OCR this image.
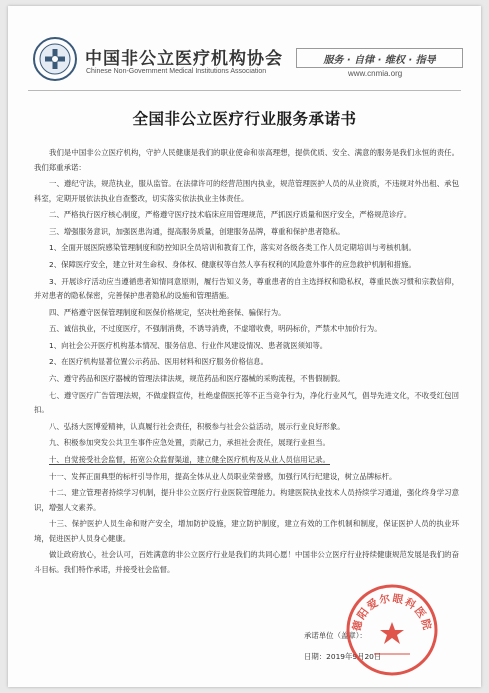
中国非公立医疗机构协会
Chinese Non-Government Medical Institutions Association
服务 · 自律 · 维权 · 指导
www.cnmia.org
全国非公立医疗行业服务承诺书

我们是中国非公立医疗机构，守护人民健康是我们的职业使命和崇高理想，提供优质、安全、满意的服务是我们永恒的责任。我们郑重承诺：

一、遵纪守法，规范执业，服从监管。在法律许可的经营范围内执业，规范管理医护人员的从业资质，不违规对外出租、承包科室，定期开展依法执业自查整改，切实落实依法执业主体责任。

二、严格执行医疗核心制度，严格遵守医疗技术临床应用管理规范，严抓医疗质量和医疗安全，严格规范诊疗。

三、增强服务意识，加强医患沟通，提高服务质量，创建服务品牌，尊重和保护患者隐私。

1、全面开展医院感染管理制度和防控知识全员培训和教育工作，落实对各级各类工作人员定期培训与考核机制。

2、保障医疗安全，建立针对生命权、身体权、健康权等自然人享有权利的风险意外事件的应急救护机制和措施。

3、开展诊疗活动应当遵循患者知情同意原则，履行告知义务，尊重患者的自主选择权和隐私权，尊重民族习惯和宗教信仰，并对患者的隐私保密，完善保护患者隐私的设施和管理措施。

四、严格遵守医保管理制度和医保价格规定，坚决杜绝套保、骗保行为。

五、诚信执业，不过度医疗，不强制消费，不诱导消费，不虚增收费，明码标价，严禁术中加价行为。

1、向社会公开医疗机构基本情况、服务信息、行业作风建设情况、患者就医须知等。

2、在医疗机构显著位置公示药品、医用材料和医疗服务价格信息。

六、遵守药品和医疗器械的管理法律法规，规范药品和医疗器械的采购流程，不售假制假。

七、遵守医疗广告管理法规，不做虚假宣传，杜绝虚假医托等不正当竞争行为，净化行业风气，倡导先进文化，不收受红包回扣。

八、弘扬大医博爱精神，认真履行社会责任，积极参与社会公益活动，展示行业良好形象。

九、积极参加突发公共卫生事件应急处置，贡献己力，承担社会责任，展现行业担当。

十、自觉接受社会监督，拓宽公众监督渠道，建立健全医疗机构及从业人员信用记录。

十一、发挥正面典型的标杆引导作用，提高全体从业人员职业荣誉感，加强行风行纪建设，树立品牌标杆。

十二、建立管理者持续学习机制，提升非公立医疗行业医院管理能力。构建医院执业技术人员持续学习通道，强化终身学习意识，增强人文素养。

十三、保护医护人员生命和财产安全，增加防护设施，建立防护制度，建立有效的工作机制和制度，保证医护人员的执业环境，促进医护人员身心健康。

做让政府放心，社会认可，百姓满意的非公立医疗行业是我们的共同心愿！中国非公立医疗行业持续健康规范发展是我们的奋斗目标。我们特作承诺，并接受社会监督。

承诺单位（盖章）：
日期：2019年9月20日
德阳爱尔眼科医院
